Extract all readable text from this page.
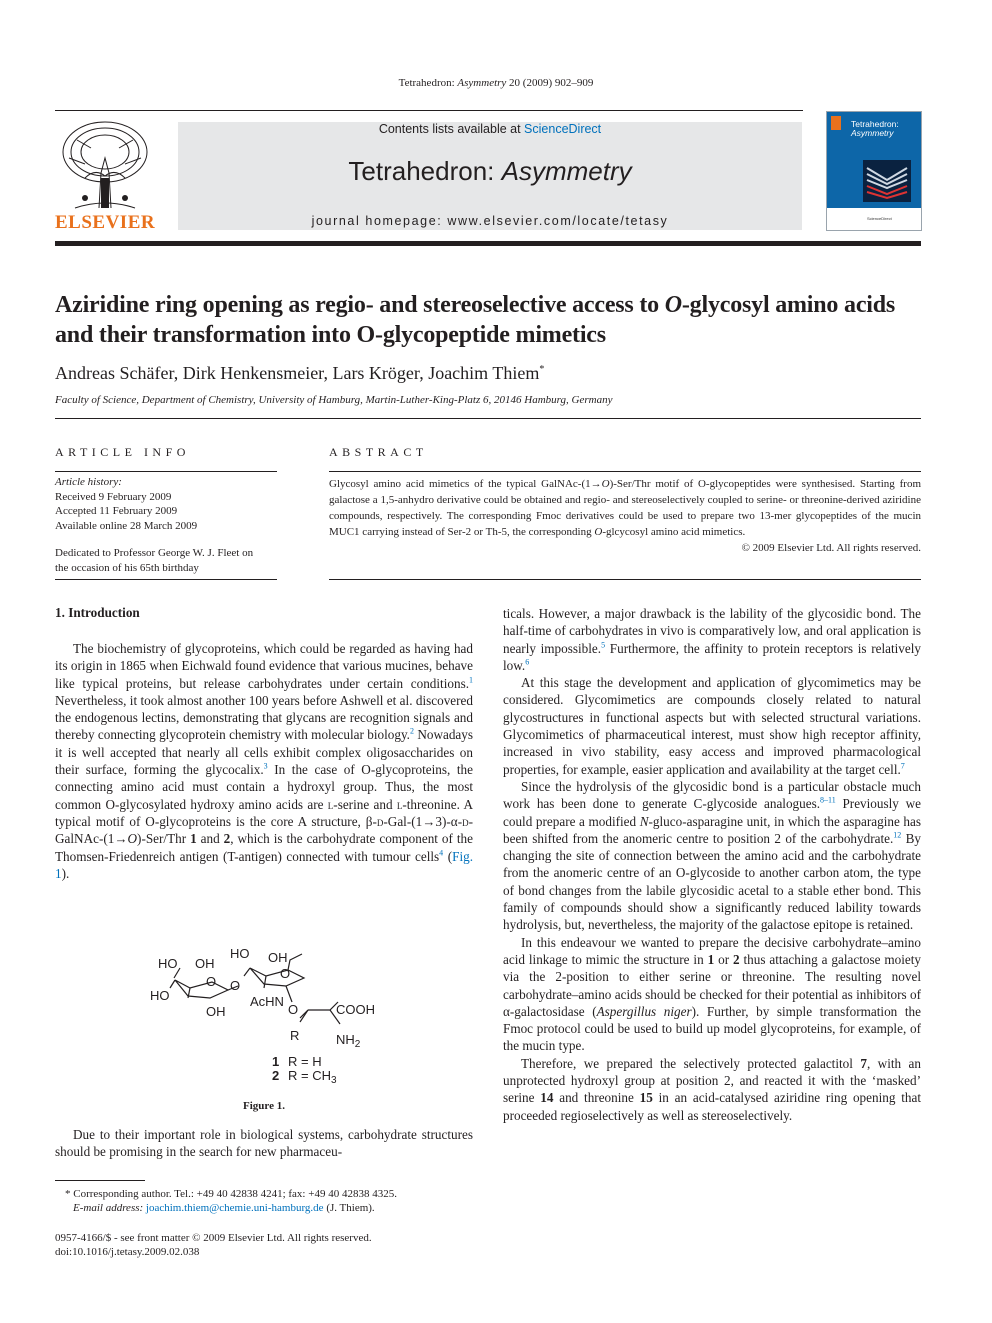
Tetrahedron: Asymmetry 20 (2009) 902–909
ELSEVIER
Contents lists available at ScienceDirect
Tetrahedron: Asymmetry
journal homepage: www.elsevier.com/locate/tetasy
Tetrahedron:
Asymmetry
ScienceDirect
Aziridine ring opening as regio- and stereoselective access to O-glycosyl amino acids and their transformation into O-glycopeptide mimetics
Andreas Schäfer, Dirk Henkensmeier, Lars Kröger, Joachim Thiem*
Faculty of Science, Department of Chemistry, University of Hamburg, Martin-Luther-King-Platz 6, 20146 Hamburg, Germany
ARTICLE INFO
Article history:
Received 9 February 2009
Accepted 11 February 2009
Available online 28 March 2009
Dedicated to Professor George W. J. Fleet on
the occasion of his 65th birthday
ABSTRACT
Glycosyl amino acid mimetics of the typical GalNAc-(1→O)-Ser/Thr motif of O-glycopeptides were synthesised. Starting from galactose a 1,5-anhydro derivative could be obtained and regio- and stereoselectively coupled to serine- or threonine-derived aziridine compounds, respectively. The corresponding Fmoc derivatives could be used to prepare two 13-mer glycopeptides of the mucin MUC1 carrying instead of Ser-2 or Th-5, the corresponding O-glcycosyl amino acid mimetics.
© 2009 Elsevier Ltd. All rights reserved.
1. Introduction

The biochemistry of glycoproteins, which could be regarded as having had its origin in 1865 when Eichwald found evidence that various mucines, behave like typical proteins, but release carbohydrates under certain conditions.$^1$ Nevertheless, it took almost another 100 years before Ashwell et al. discovered the endogenous lectins, demonstrating that glycans are recognition signals and thereby connecting glycoprotein chemistry with molecular biology.$^2$ Nowadays it is well accepted that nearly all cells exhibit complex oligosaccharides on their surface, forming the glycocalix.$^3$ In the case of O-glycoproteins, the connecting amino acid must contain a hydroxyl group. Thus, the most common O-glycosylated hydroxy amino acids are l-serine and l-threonine. A typical motif of O-glycoproteins is the core A structure, β-d-Gal-(1→3)-α-d-GalNAc-(1→O)-Ser/Thr 1 and 2, which is the carbohydrate component of the Thomsen-Friedenreich antigen (T-antigen) connected with tumour cells$^4$ (Fig. 1).

HO OH
HO
OH
HO OH
O
O
O
AcHN
O	COOH
R	$NH_2$
1 R = H
2 $R = CH_3$
Figure 1.

Due to their important role in biological systems, carbohydrate structures should be promising in the search for new pharmaceu-

* Corresponding author. Tel.: +49 40 42838 4241; fax: +49 40 42838 4325.
E-mail address: joachim.thiem@chemie.uni-hamburg.de (J. Thiem).
0957-4166/$ - see front matter © 2009 Elsevier Ltd. All rights reserved.
doi:10.1016/j.tetasy.2009.02.038

ticals. However, a major drawback is the lability of the glycosidic bond. The half-time of carbohydrates in vivo is comparatively low, and oral application is nearly impossible.$^5$ Furthermore, the affinity to protein receptors is relatively low.$^6$

At this stage the development and application of glycomimetics may be considered. Glycomimetics are compounds closely related to natural glycostructures in functional aspects but with selected structural variations. Glycomimetics of pharmaceutical interest, must show high receptor affinity, increased in vivo stability, easy access and improved pharmacological properties, for example, easier application and availability at the target cell.$^7$

Since the hydrolysis of the glycosidic bond is a particular obstacle much work has been done to generate C-glycoside analogues.$^{8-11}$ Previously we could prepare a modified N-gluco-asparagine unit, in which the asparagine has been shifted from the anomeric centre to position 2 of the carbohydrate.$^{12}$ By changing the site of connection between the amino acid and the carbohydrate from the anomeric centre of an O-glycoside to another carbon atom, the type of bond changes from the labile glycosidic acetal to a stable ether bond. This family of compounds should show a significantly reduced lability towards hydrolysis, but, nevertheless, the majority of the galactose epitope is retained.

In this endeavour we wanted to prepare the decisive carbohydrate–amino acid linkage to mimic the structure in 1 or 2 thus attaching a galactose moiety via the 2-position to either serine or threonine. The resulting novel carbohydrate–amino acids should be checked for their potential as inhibitors of α-galactosidase (Aspergillus niger). Further, by simple transformation the Fmoc protocol could be used to build up model glycoproteins, for example, of the mucin type.

Therefore, we prepared the selectively protected galactitol 7, with an unprotected hydroxyl group at position 2, and reacted it with the ‘masked’ serine 14 and threonine 15 in an acid-catalysed aziridine ring opening that proceeded regioselectively as well as stereoselectively.
